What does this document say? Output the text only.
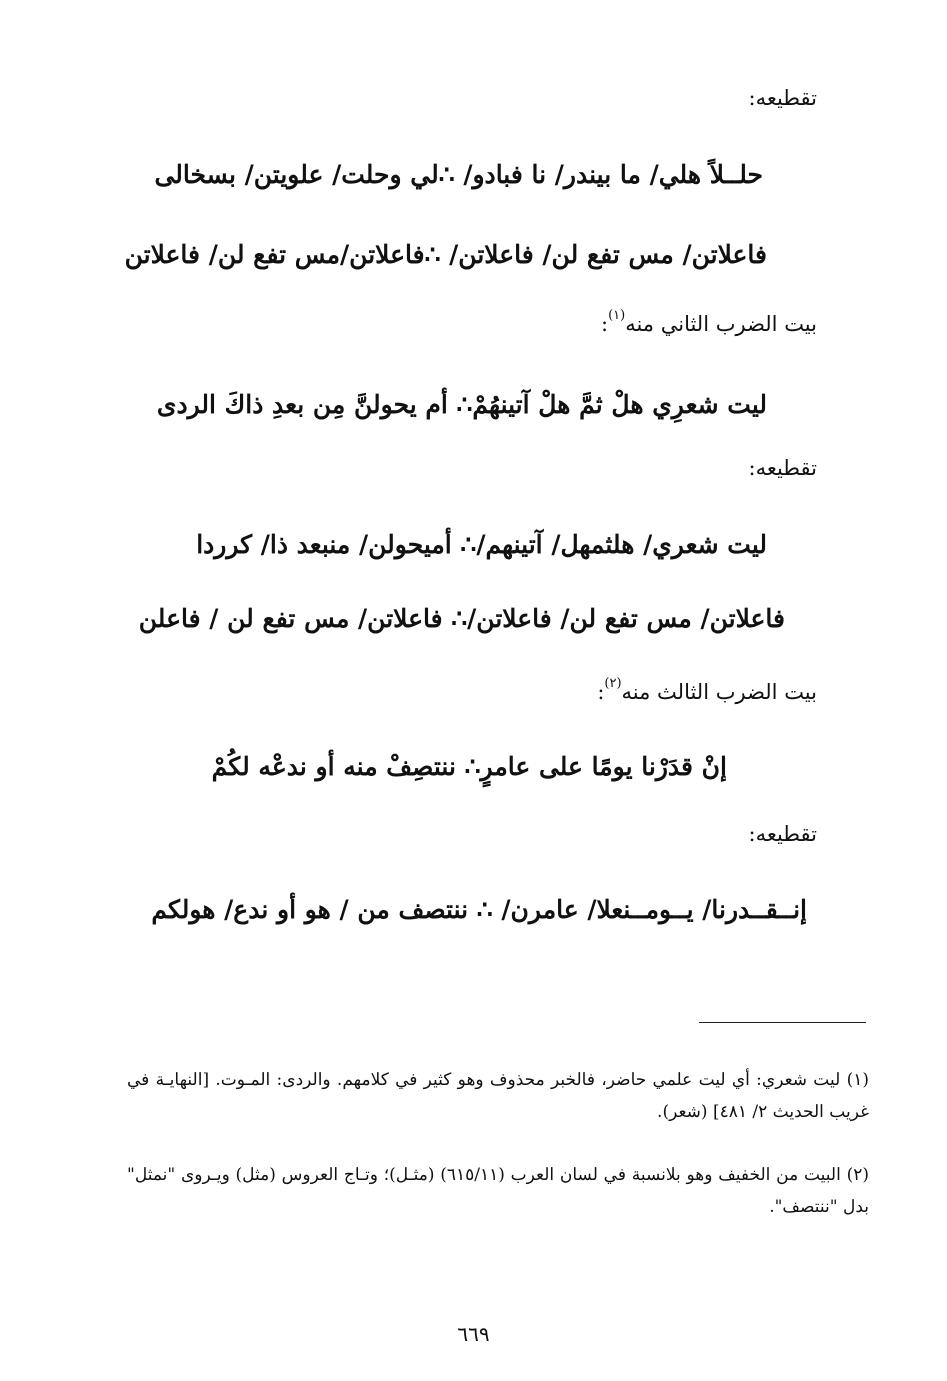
تقطيعه:
حلــلاً هلي/ ما بيندر/ نا فبادو/ ∴لي وحلت/ علويتن/ بسخالى
فاعلاتن/ مس تفع لن/ فاعلاتن/ ∴فاعلاتن/مس تفع لن/ فاعلاتن
بيت الضرب الثاني منه$^{(١)}$:
ليت شعرِي هلْ ثمَّ هلْ آتينهُمْ∴ أم يحولنَّ مِن بعدِ ذاكَ الردى
تقطيعه:
ليت شعري/ هلثمهل/ آتينهم/∴ أميحولن/ منبعد ذا/ كرردا
فاعلاتن/ مس تفع لن/ فاعلاتن/∴ فاعلاتن/ مس تفع لن / فاعلن
بيت الضرب الثالث منه$^{(٢)}$:
إنْ قدَرْنا يومًا على عامرٍ∴ ننتصِفْ منه أو ندعْه لكُمْ
تقطيعه:
إنــقــدرنا/ يــومــنعلا/ عامرن/ ∴ ننتصف من / هو أو ندع/ هولكم
(١) ليت شعري: أي ليت علمي حاضر، فالخبر محذوف وهو كثير في كلامهم. والردى: المـوت. [النهايـة في غريب الحديث ٢/ ٤٨١] (شعر).
(٢) البيت من الخفيف وهو بلانسبة في لسان العرب (٦١٥/١١) (مثـل)؛ وتـاج العروس (مثل) ويـروى "نمثل" بدل "ننتصف".
٦٦٩
